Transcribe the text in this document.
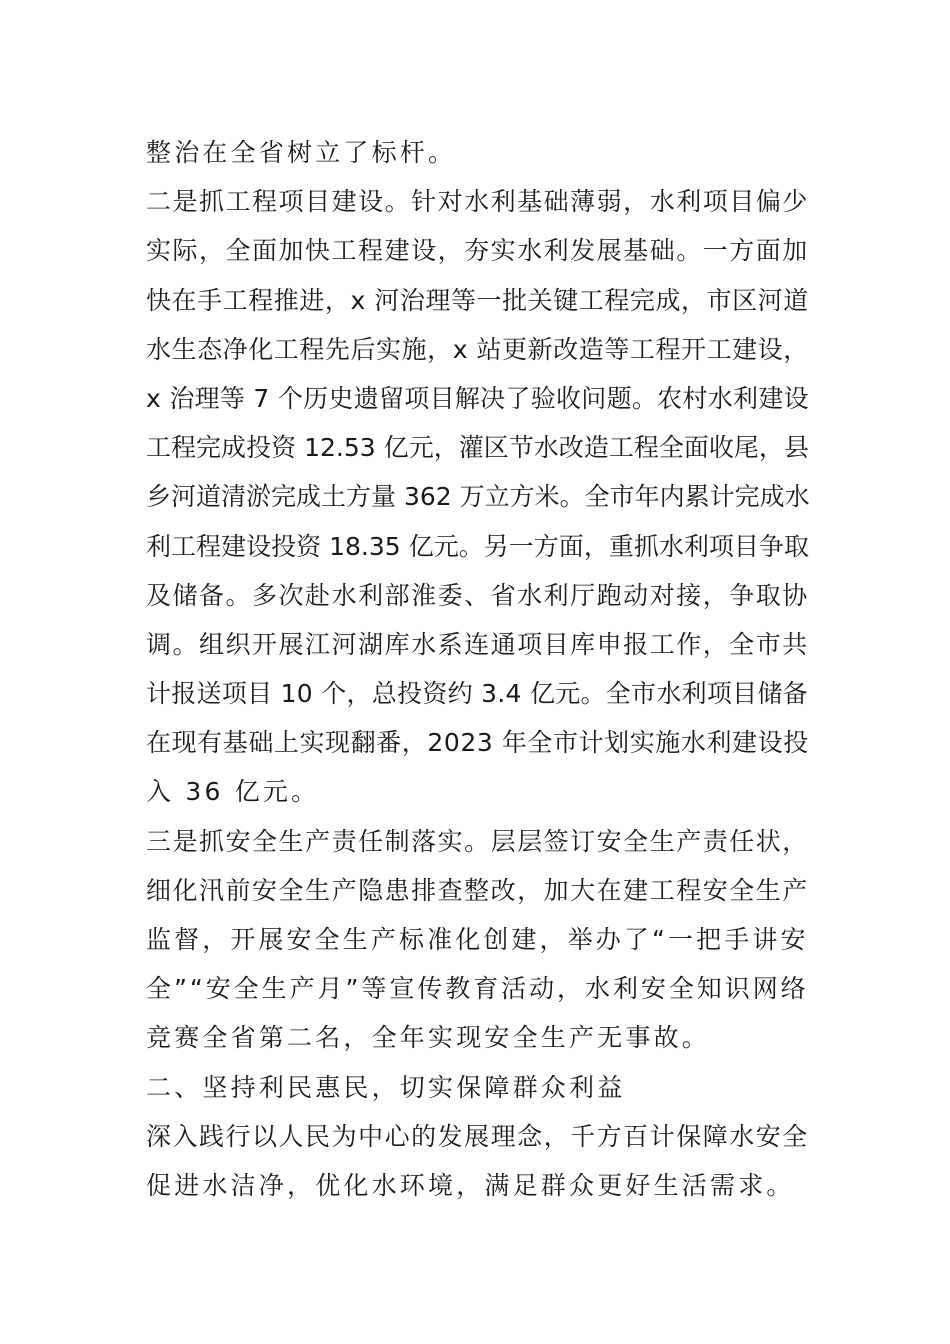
整治在全省树立了标杆。
二是抓工程项目建设。针对水利基础薄弱，水利项目偏少
实际，全面加快工程建设，夯实水利发展基础。一方面加
快在手工程推进，x 河治理等一批关键工程完成，市区河道
水生态净化工程先后实施，x 站更新改造等工程开工建设，
x 治理等 7 个历史遗留项目解决了验收问题。农村水利建设
工程完成投资 12.53 亿元，灌区节水改造工程全面收尾，县
乡河道清淤完成土方量 362 万立方米。全市年内累计完成水
利工程建设投资 18.35 亿元。另一方面，重抓水利项目争取
及储备。多次赴水利部淮委、省水利厅跑动对接，争取协
调。组织开展江河湖库水系连通项目库申报工作，全市共
计报送项目 10 个，总投资约 3.4 亿元。全市水利项目储备
在现有基础上实现翻番，2023 年全市计划实施水利建设投
入 36 亿元。
三是抓安全生产责任制落实。层层签订安全生产责任状，
细化汛前安全生产隐患排查整改，加大在建工程安全生产
监督，开展安全生产标准化创建，举办了“一把手讲安
全”“安全生产月”等宣传教育活动，水利安全知识网络
竞赛全省第二名，全年实现安全生产无事故。
二、坚持利民惠民，切实保障群众利益
深入践行以人民为中心的发展理念，千方百计保障水安全
促进水洁净，优化水环境，满足群众更好生活需求。
